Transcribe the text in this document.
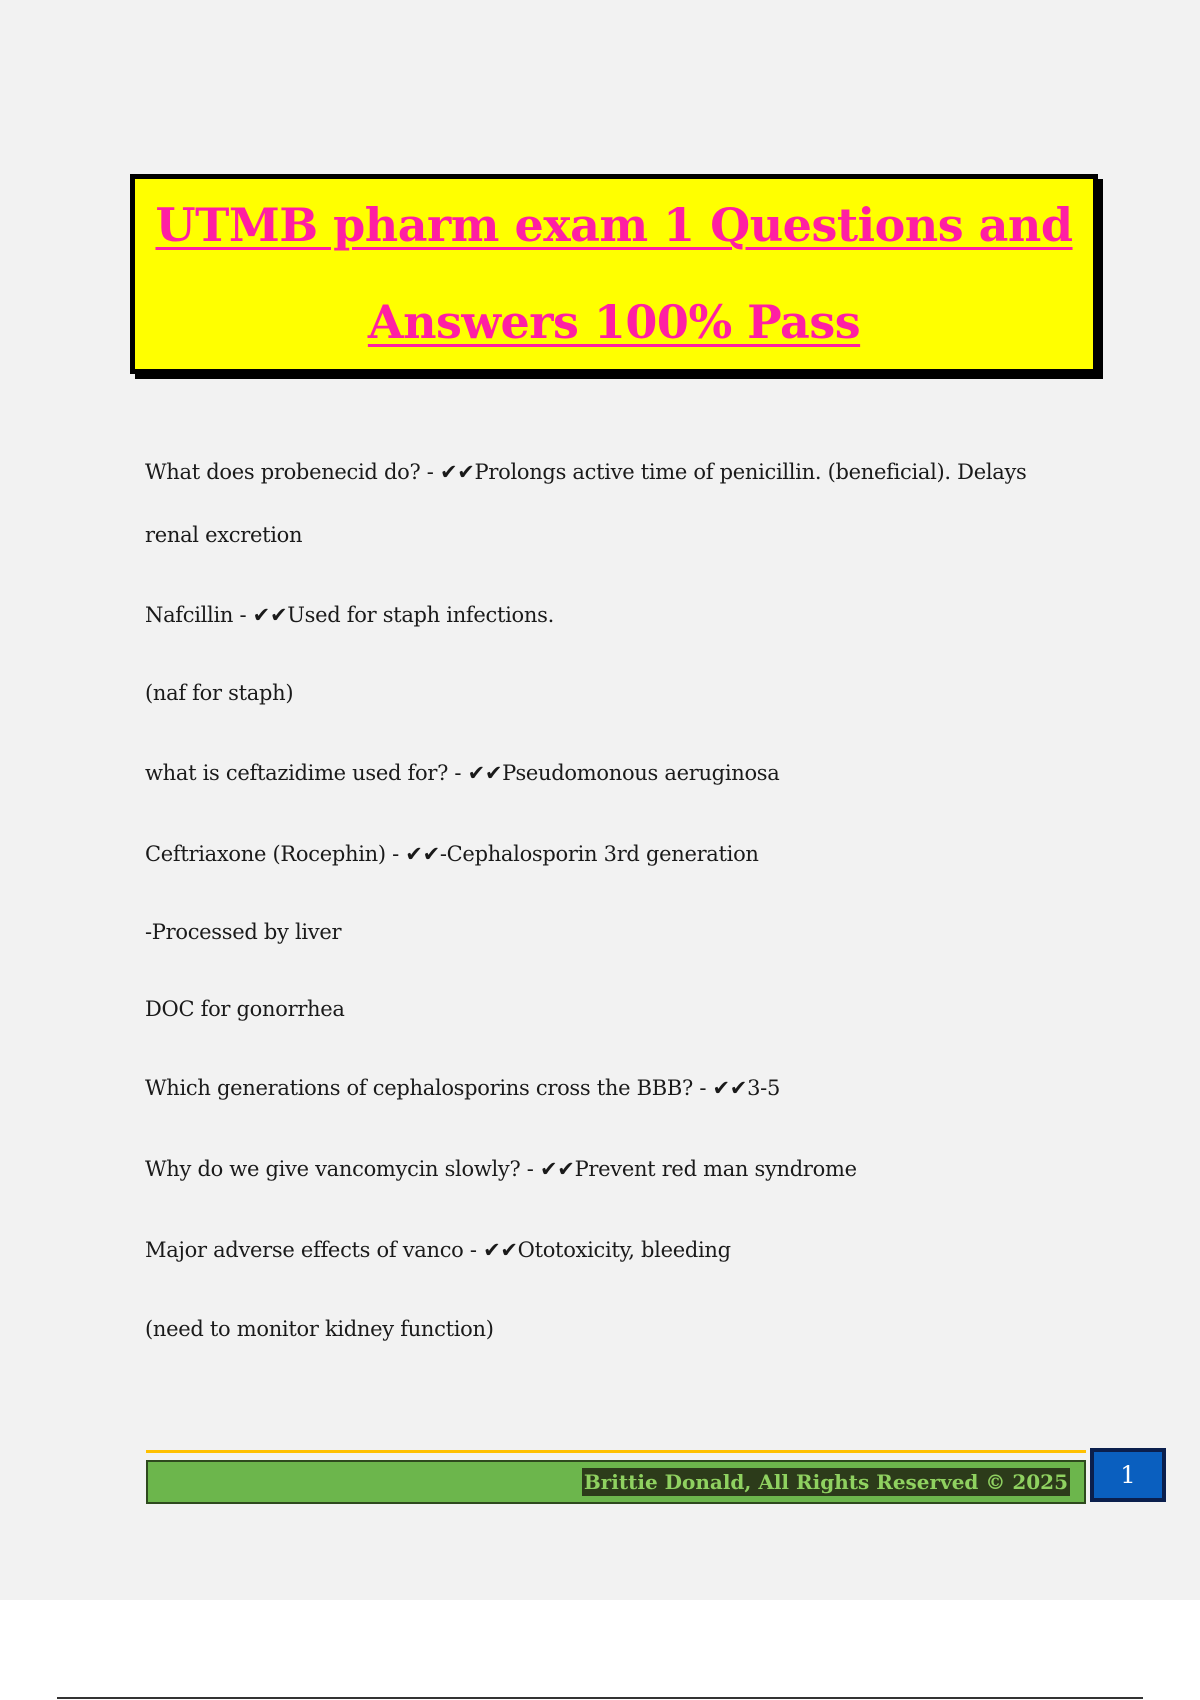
UTMB pharm exam 1 Questions and
Answers 100% Pass
What does probenecid do? - ✔✔Prolongs active time of penicillin. (beneficial). Delays
renal excretion
Nafcillin - ✔✔Used for staph infections.
(naf for staph)
what is ceftazidime used for? - ✔✔Pseudomonous aeruginosa
Ceftriaxone (Rocephin) - ✔✔-Cephalosporin 3rd generation
-Processed by liver
DOC for gonorrhea
Which generations of cephalosporins cross the BBB? - ✔✔3-5
Why do we give vancomycin slowly? - ✔✔Prevent red man syndrome
Major adverse effects of vanco - ✔✔Ototoxicity, bleeding
(need to monitor kidney function)
Brittie Donald, All Rights Reserved © 2025 1
